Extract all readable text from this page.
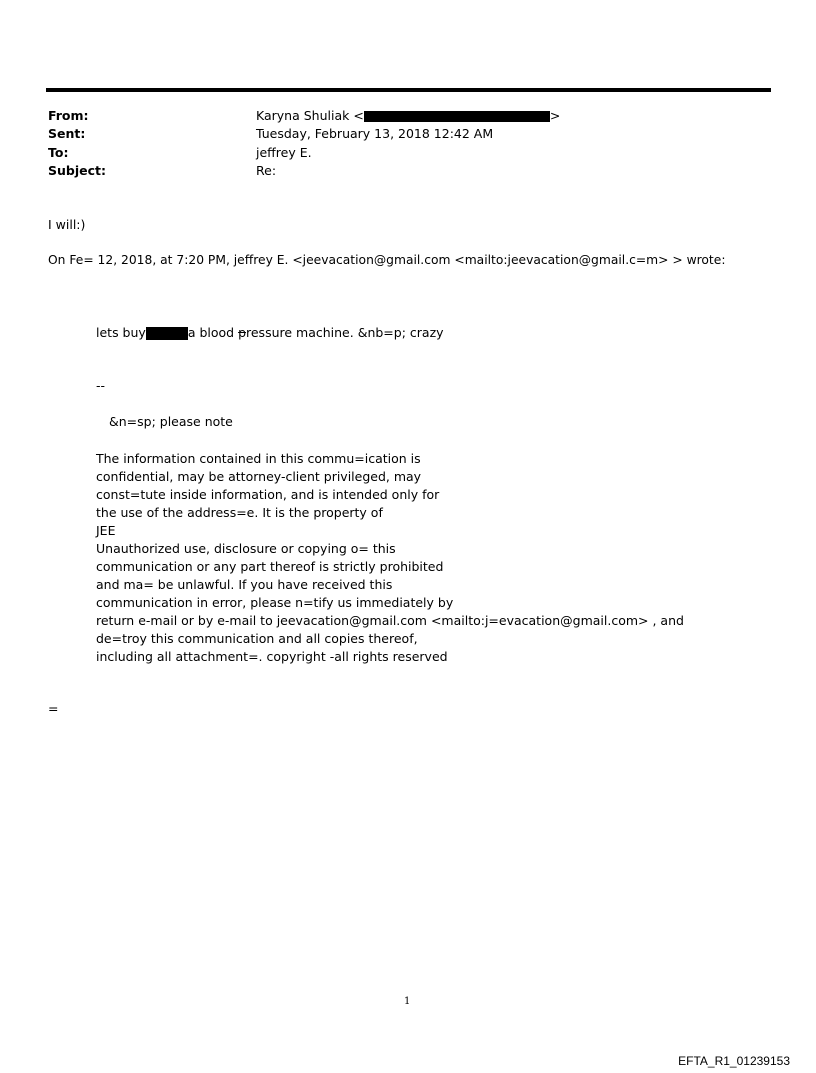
From:	Karyna Shuliak <	>
Sent:	Tuesday, February 13, 2018 12:42 AM
To:	jeffrey E.
Subject:	Re:
I will:)
On Fe= 12, 2018, at 7:20 PM, jeffrey E. <jeevacation@gmail.com <mailto:jeevacation@gmail.c=m> > wrote:
lets buy	a blood pressure machine. &nb=p; crazy
--
&n=sp; please note
The information contained in this commu=ication is
confidential, may be attorney-client privileged, may
const=tute inside information, and is intended only for
the use of the address=e. It is the property of
JEE
Unauthorized use, disclosure or copying o= this
communication or any part thereof is strictly prohibited
and ma= be unlawful. If you have received this
communication in error, please n=tify us immediately by
return e-mail or by e-mail to jeevacation@gmail.com <mailto:j=evacation@gmail.com> , and
de=troy this communication and all copies thereof,
including all attachment=. copyright -all rights reserved
=
1
EFTA_R1_01239153
